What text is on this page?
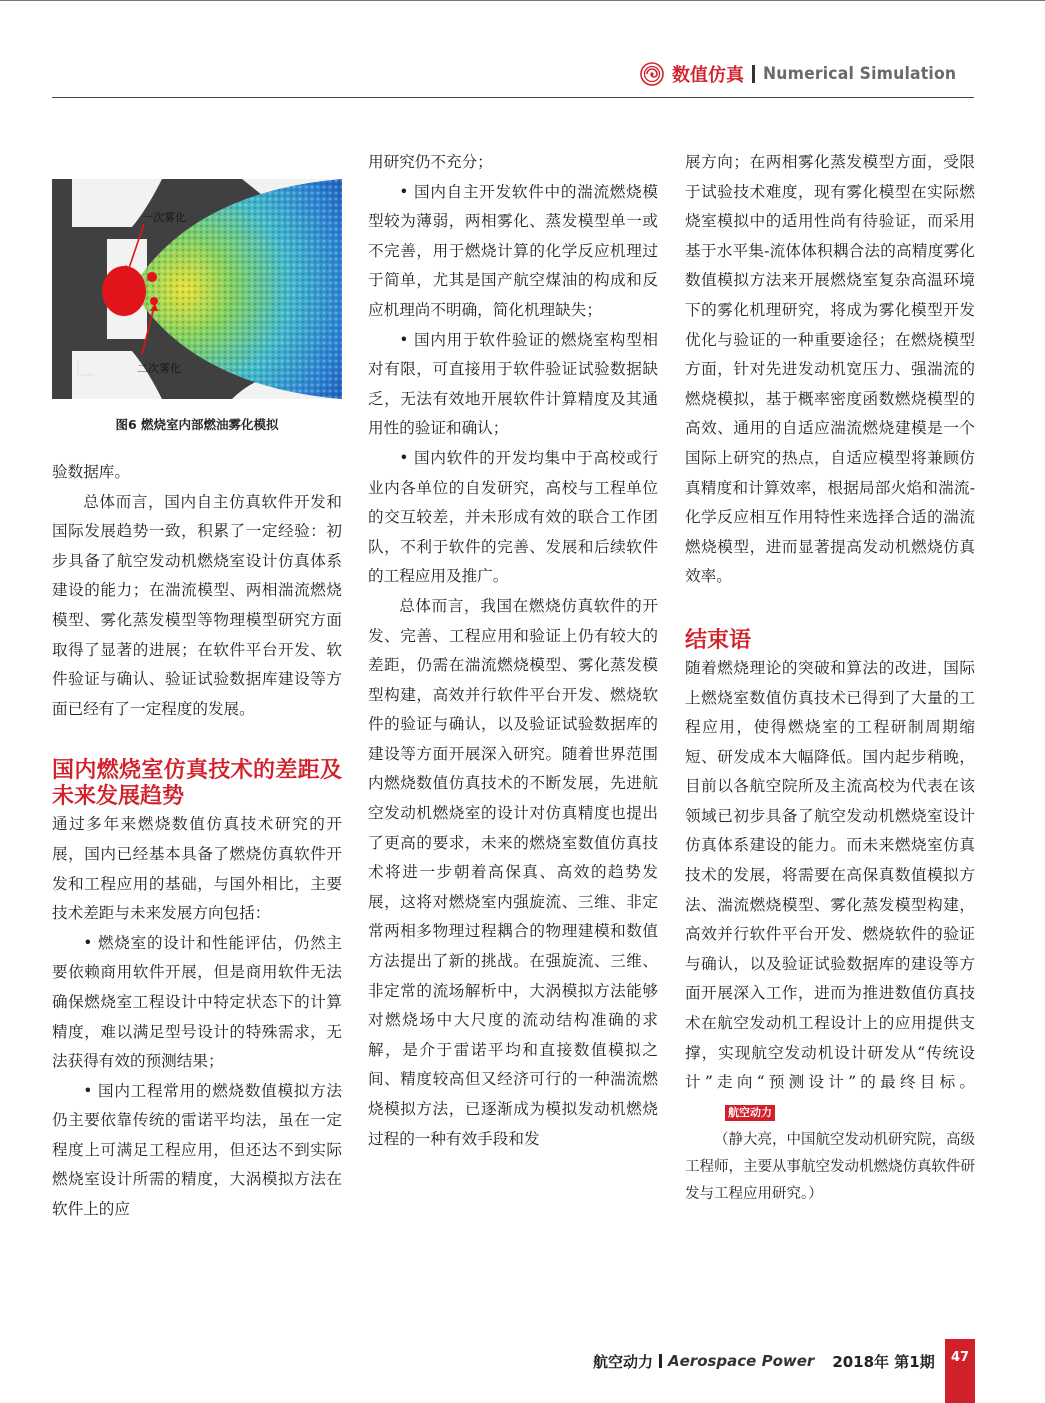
数值仿真 Numerical Simulation
一次雾化
二次雾化
图6 燃烧室内部燃油雾化模拟

验数据库。

总体而言，国内自主仿真软件开发和国际发展趋势一致，积累了一定经验：初步具备了航空发动机燃烧室设计仿真体系建设的能力；在湍流模型、两相湍流燃烧模型、雾化蒸发模型等物理模型研究方面取得了显著的进展；在软件平台开发、软件验证与确认、验证试验数据库建设等方面已经有了一定程度的发展。

国内燃烧室仿真技术的差距及未来发展趋势

通过多年来燃烧数值仿真技术研究的开展，国内已经基本具备了燃烧仿真软件开发和工程应用的基础，与国外相比，主要技术差距与未来发展方向包括：

• 燃烧室的设计和性能评估，仍然主要依赖商用软件开展，但是商用软件无法确保燃烧室工程设计中特定状态下的计算精度，难以满足型号设计的特殊需求，无法获得有效的预测结果；

• 国内工程常用的燃烧数值模拟方法仍主要依靠传统的雷诺平均法，虽在一定程度上可满足工程应用，但还达不到实际燃烧室设计所需的精度，大涡模拟方法在软件上的应

用研究仍不充分；

• 国内自主开发软件中的湍流燃烧模型较为薄弱，两相雾化、蒸发模型单一或不完善，用于燃烧计算的化学反应机理过于简单，尤其是国产航空煤油的构成和反应机理尚不明确，简化机理缺失；

• 国内用于软件验证的燃烧室构型相对有限，可直接用于软件验证试验数据缺乏，无法有效地开展软件计算精度及其通用性的验证和确认；

• 国内软件的开发均集中于高校或行业内各单位的自发研究，高校与工程单位的交互较差，并未形成有效的联合工作团队，不利于软件的完善、发展和后续软件的工程应用及推广。

总体而言，我国在燃烧仿真软件的开发、完善、工程应用和验证上仍有较大的差距，仍需在湍流燃烧模型、雾化蒸发模型构建，高效并行软件平台开发、燃烧软件的验证与确认，以及验证试验数据库的建设等方面开展深入研究。随着世界范围内燃烧数值仿真技术的不断发展，先进航空发动机燃烧室的设计对仿真精度也提出了更高的要求，未来的燃烧室数值仿真技术将进一步朝着高保真、高效的趋势发展，这将对燃烧室内强旋流、三维、非定常两相多物理过程耦合的物理建模和数值方法提出了新的挑战。在强旋流、三维、非定常的流场解析中，大涡模拟方法能够对燃烧场中大尺度的流动结构准确的求解，是介于雷诺平均和直接数值模拟之间、精度较高但又经济可行的一种湍流燃烧模拟方法，已逐渐成为模拟发动机燃烧过程的一种有效手段和发

展方向；在两相雾化蒸发模型方面，受限于试验技术难度，现有雾化模型在实际燃烧室模拟中的适用性尚有待验证，而采用基于水平集-流体体积耦合法的高精度雾化数值模拟方法来开展燃烧室复杂高温环境下的雾化机理研究，将成为雾化模型开发优化与验证的一种重要途径；在燃烧模型方面，针对先进发动机宽压力、强湍流的燃烧模拟，基于概率密度函数燃烧模型的高效、通用的自适应湍流燃烧建模是一个国际上研究的热点，自适应模型将兼顾仿真精度和计算效率，根据局部火焰和湍流-化学反应相互作用特性来选择合适的湍流燃烧模型，进而显著提高发动机燃烧仿真效率。

结束语

随着燃烧理论的突破和算法的改进，国际上燃烧室数值仿真技术已得到了大量的工程应用，使得燃烧室的工程研制周期缩短、研发成本大幅降低。国内起步稍晚，目前以各航空院所及主流高校为代表在该领域已初步具备了航空发动机燃烧室设计仿真体系建设的能力。而未来燃烧室仿真技术的发展，将需要在高保真数值模拟方法、湍流燃烧模型、雾化蒸发模型构建，高效并行软件平台开发、燃烧软件的验证与确认，以及验证试验数据库的建设等方面开展深入工作，进而为推进数值仿真技术在航空发动机工程设计上的应用提供支撑，实现航空发动机设计研发从“传统设计”走向“预测设计”的最终目标。航空动力

（静大亮，中国航空发动机研究院，高级工程师，主要从事航空发动机燃烧仿真软件研发与工程应用研究。）

航空动力 Aerospace Power 2018年 第1期	47
